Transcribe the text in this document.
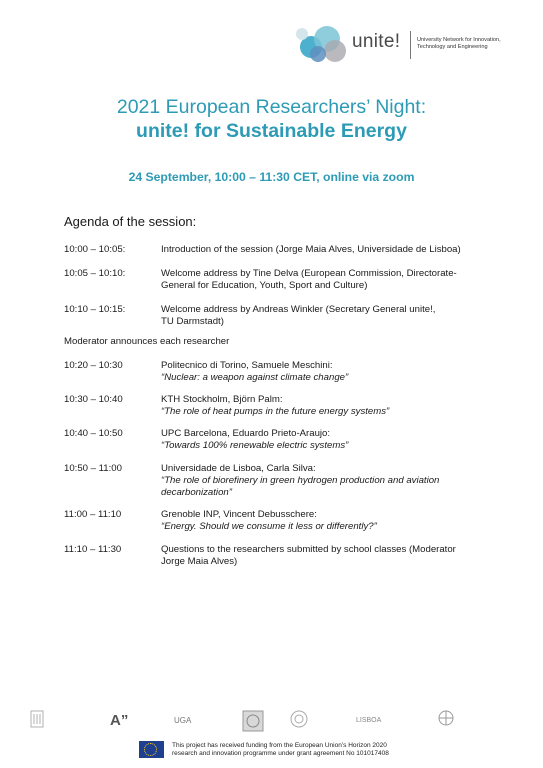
unite!	University Network for Innovation, Technology and Engineering
2021 European Researchers’ Night:
unite! for Sustainable Energy
24 September, 10:00 – 11:30 CET, online via zoom
Agenda of the session:
10:00 – 10:05:	Introduction of the session (Jorge Maia Alves, Universidade de Lisboa)
10:05 – 10:10:	Welcome address by Tine Delva (European Commission, Directorate-
General for Education, Youth, Sport and Culture)
10:10 – 10:15:	Welcome address by Andreas Winkler (Secretary General unite!,
TU Darmstadt)
Moderator announces each researcher
10:20 – 10:30	Politecnico di Torino, Samuele Meschini:
“Nuclear: a weapon against climate change”
10:30 – 10:40	KTH Stockholm, Björn Palm:
“The role of heat pumps in the future energy systems”
10:40 – 10:50	UPC Barcelona, Eduardo Prieto-Araujo:
“Towards 100% renewable electric systems”
10:50 – 11:00	Universidade de Lisboa, Carla Silva:
“The role of biorefinery in green hydrogen production and aviation
decarbonization”
11:00 – 11:10	Grenoble INP, Vincent Debusschere:
“Energy. Should we consume it less or differently?”
11:10 – 11:30	Questions to the researchers submitted by school classes (Moderator
Jorge Maia Alves)
A”	UGA	LISBOA
This project has received funding from the European Union’s Horizon 2020
research and innovation programme under grant agreement No 101017408
